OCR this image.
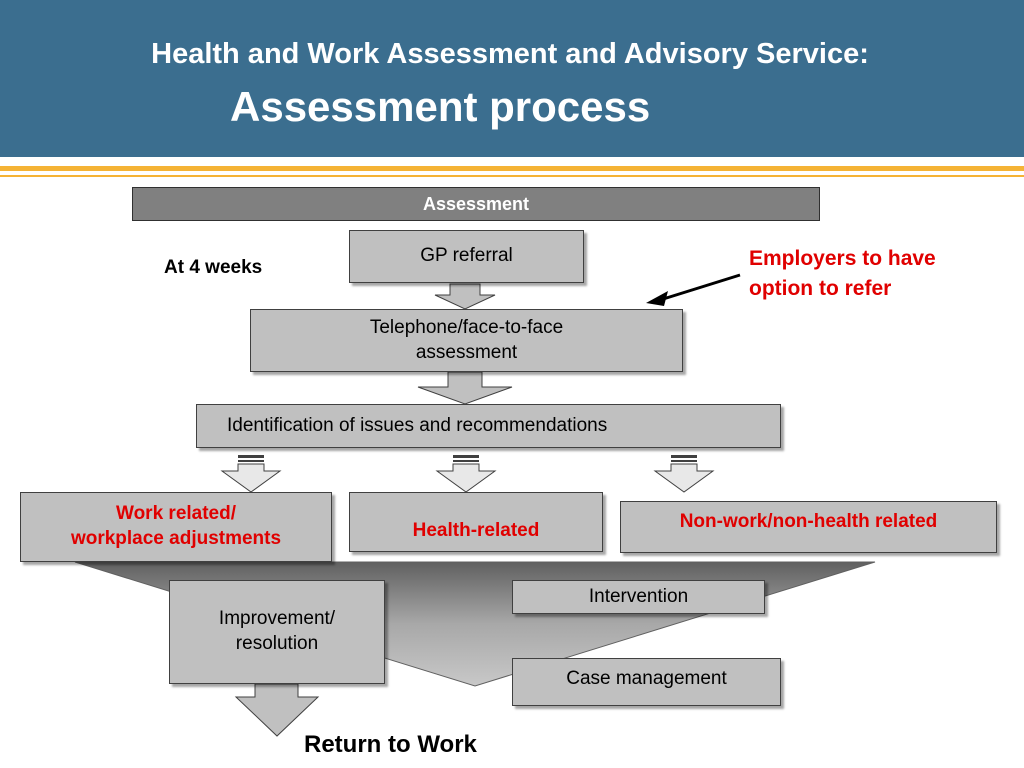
Health and Work Assessment and Advisory Service:
Assessment process
Assessment
At 4 weeks
GP referral
Telephone/face-to-face
assessment
Identification of issues and recommendations
Work related/
workplace adjustments	Health-related	Non-work/non-health related
Improvement/
resolution
Intervention
Case management
Return to Work
Employers to have
option to refer
